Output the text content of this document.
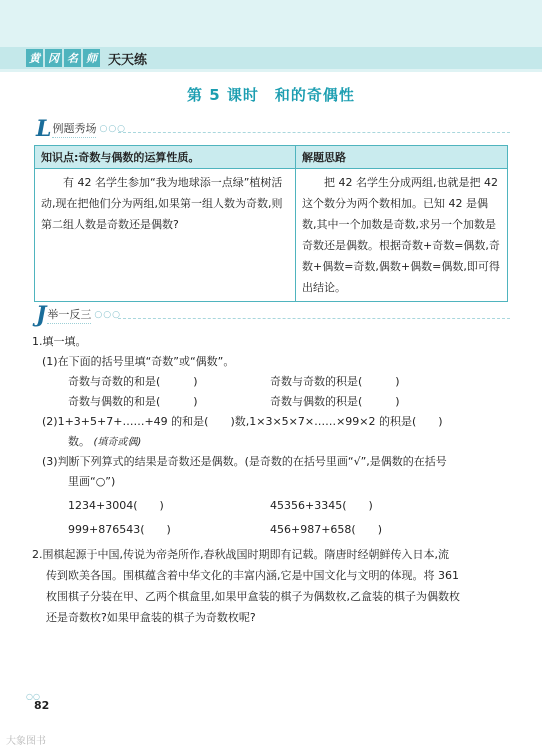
黄 冈 名 师 天天练
第 5 课时　和的奇偶性
L 例题秀场 ○○○
知识点:奇数与偶数的运算性质。	解题思路

有 42 名学生参加“我为地球添一点绿”植树活动,现在把他们分为两组,如果第一组人数为奇数,则第二组人数是奇数还是偶数?	把 42 名学生分成两组,也就是把 42 这个数分为两个数相加。已知 42 是偶数,其中一个加数是奇数,求另一个加数是奇数还是偶数。根据奇数+奇数=偶数,奇数+偶数=奇数,偶数+偶数=偶数,即可得出结论。
J 举一反三 ○○○
1.填一填。
(1)在下面的括号里填“奇数”或“偶数”。
奇数与奇数的和是(　　　)	奇数与奇数的积是(　　　)
奇数与偶数的和是(　　　)	奇数与偶数的积是(　　　)
(2)1+3+5+7+……+49 的和是(　　)数,1×3×5×7×……×99×2 的积是(　　)
数。 (填奇或偶)
(3)判断下列算式的结果是奇数还是偶数。(是奇数的在括号里画“√”,是偶数的在括号
里画“○”)
1234+3004(　　)	45356+3345(　　)
999+876543(　　)	456+987+658(　　)
2.围棋起源于中国,传说为帝尧所作,春秋战国时期即有记载。隋唐时经朝鲜传入日本,流
传到欧美各国。围棋蕴含着中华文化的丰富内涵,它是中国文化与文明的体现。将 361
枚围棋子分装在甲、乙两个棋盒里,如果甲盒装的棋子为偶数枚,乙盒装的棋子为偶数枚
还是奇数枚?如果甲盒装的棋子为奇数枚呢?
○○
82
大象图书
